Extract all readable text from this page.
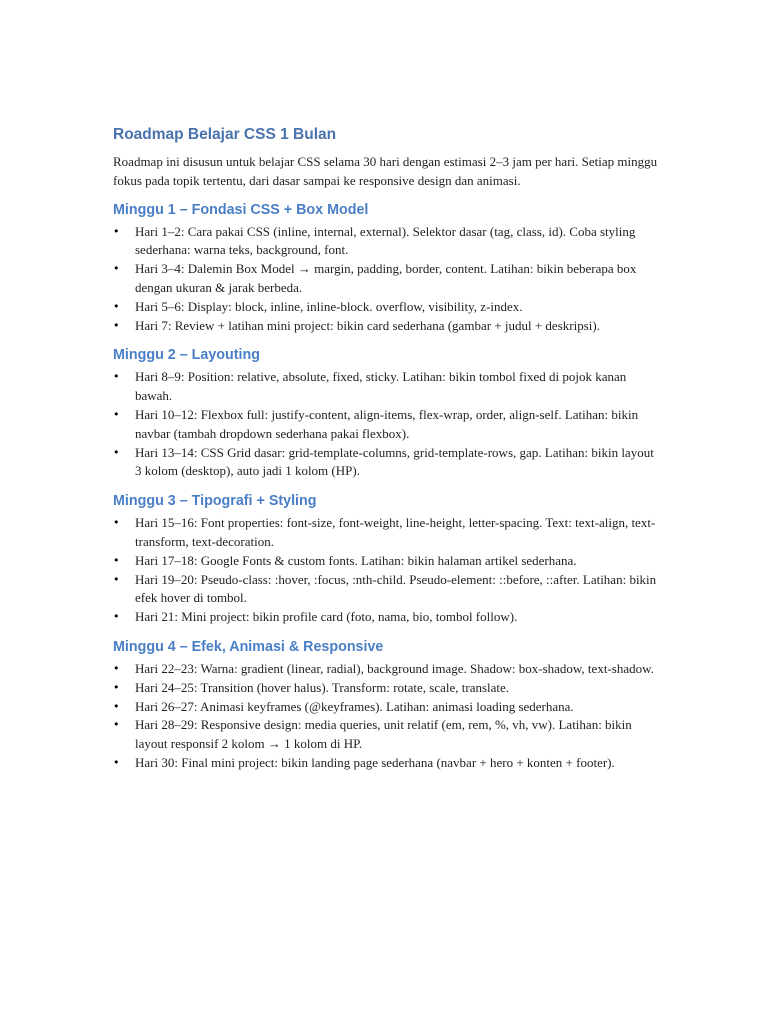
Roadmap Belajar CSS 1 Bulan

Roadmap ini disusun untuk belajar CSS selama 30 hari dengan estimasi 2–3 jam per hari. Setiap minggu fokus pada topik tertentu, dari dasar sampai ke responsive design dan animasi.

Minggu 1 – Fondasi CSS + Box Model
• Hari 1–2: Cara pakai CSS (inline, internal, external). Selektor dasar (tag, class, id). Coba styling sederhana: warna teks, background, font.
• Hari 3–4: Dalemin Box Model → margin, padding, border, content. Latihan: bikin beberapa box dengan ukuran & jarak berbeda.
• Hari 5–6: Display: block, inline, inline-block. overflow, visibility, z-index.
• Hari 7: Review + latihan mini project: bikin card sederhana (gambar + judul + deskripsi).
Minggu 2 – Layouting
• Hari 8–9: Position: relative, absolute, fixed, sticky. Latihan: bikin tombol fixed di pojok kanan bawah.
• Hari 10–12: Flexbox full: justify-content, align-items, flex-wrap, order, align-self. Latihan: bikin navbar (tambah dropdown sederhana pakai flexbox).
• Hari 13–14: CSS Grid dasar: grid-template-columns, grid-template-rows, gap. Latihan: bikin layout 3 kolom (desktop), auto jadi 1 kolom (HP).
Minggu 3 – Tipografi + Styling
• Hari 15–16: Font properties: font-size, font-weight, line-height, letter-spacing. Text: text-align, text-transform, text-decoration.
• Hari 17–18: Google Fonts & custom fonts. Latihan: bikin halaman artikel sederhana.
• Hari 19–20: Pseudo-class: :hover, :focus, :nth-child. Pseudo-element: ::before, ::after. Latihan: bikin efek hover di tombol.
• Hari 21: Mini project: bikin profile card (foto, nama, bio, tombol follow).
Minggu 4 – Efek, Animasi & Responsive
• Hari 22–23: Warna: gradient (linear, radial), background image. Shadow: box-shadow, text-shadow.
• Hari 24–25: Transition (hover halus). Transform: rotate, scale, translate.
• Hari 26–27: Animasi keyframes (@keyframes). Latihan: animasi loading sederhana.
• Hari 28–29: Responsive design: media queries, unit relatif (em, rem, %, vh, vw). Latihan: bikin layout responsif 2 kolom → 1 kolom di HP.
• Hari 30: Final mini project: bikin landing page sederhana (navbar + hero + konten + footer).
